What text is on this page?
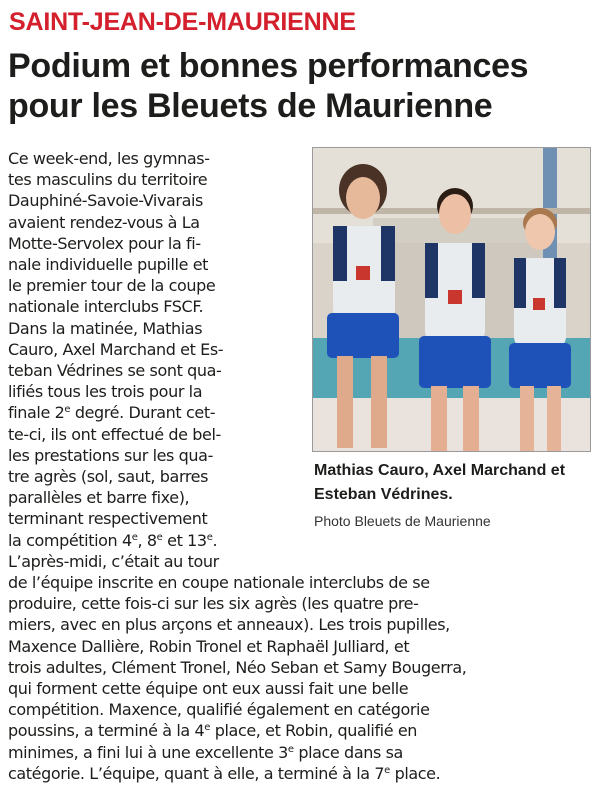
SAINT-JEAN-DE-MAURIENNE
Podium et bonnes performances pour les Bleuets de Maurienne

Mathias Cauro, Axel Marchand et Esteban Védrines.

Photo Bleuets de Maurienne

Ce week-end, les gymnas-
tes masculins du territoire
Dauphiné-Savoie-Vivarais
avaient rendez-vous à La
Motte-Servolex pour la fi-
nale individuelle pupille et
le premier tour de la coupe
nationale interclubs FSCF.
Dans la matinée, Mathias
Cauro, Axel Marchand et Es-
teban Védrines se sont qua-
lifiés tous les trois pour la
finale 2e degré. Durant cet-
te-ci, ils ont effectué de bel-
les prestations sur les qua-
tre agrès (sol, saut, barres
parallèles et barre fixe),
terminant respectivement
la compétition 4e, 8e et 13e.
L’après-midi, c’était au tour
de l’équipe inscrite en coupe nationale interclubs de se
produire, cette fois-ci sur les six agrès (les quatre pre-
miers, avec en plus arçons et anneaux). Les trois pupilles,
Maxence Dallière, Robin Tronel et Raphaël Julliard, et
trois adultes, Clément Tronel, Néo Seban et Samy Bougerra,
qui forment cette équipe ont eux aussi fait une belle
compétition. Maxence, qualifié également en catégorie
poussins, a terminé à la 4e place, et Robin, qualifié en
minimes, a fini lui à une excellente 3e place dans sa
catégorie. L’équipe, quant à elle, a terminé à la 7e place.
